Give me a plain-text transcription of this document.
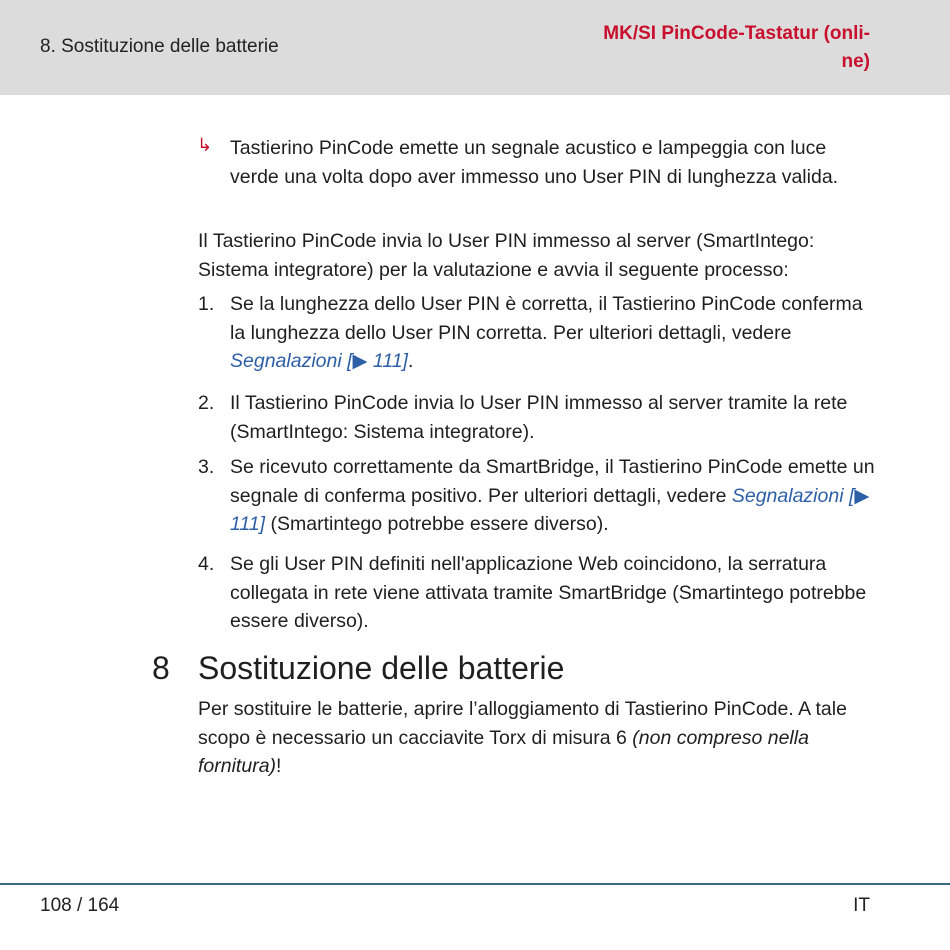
8. Sostituzione delle batterie
MK/SI PinCode-Tastatur (onli-
ne)
↳ Tastierino PinCode emette un segnale acustico e lampeggia con luce verde una volta dopo aver immesso uno User PIN di lunghezza valida.
Il Tastierino PinCode invia lo User PIN immesso al server (SmartIntego: Sistema integratore) per la valutazione e avvia il seguente processo:
1. Se la lunghezza dello User PIN è corretta, il Tastierino PinCode conferma la lunghezza dello User PIN corretta. Per ulteriori dettagli, vedere Segnalazioni [▶ 111].
2. Il Tastierino PinCode invia lo User PIN immesso al server tramite la rete (SmartIntego: Sistema integratore).
3. Se ricevuto correttamente da SmartBridge, il Tastierino PinCode emette un segnale di conferma positivo. Per ulteriori dettagli, vedere Segnalazioni [▶ 111] (Smartintego potrebbe essere diverso).
4. Se gli User PIN definiti nell'applicazione Web coincidono, la serratura collegata in rete viene attivata tramite SmartBridge (Smartintego potrebbe essere diverso).
8 Sostituzione delle batterie
Per sostituire le batterie, aprire l’alloggiamento di Tastierino PinCode. A tale scopo è necessario un cacciavite Torx di misura 6 (non compreso nella fornitura)!
108 / 164	IT
